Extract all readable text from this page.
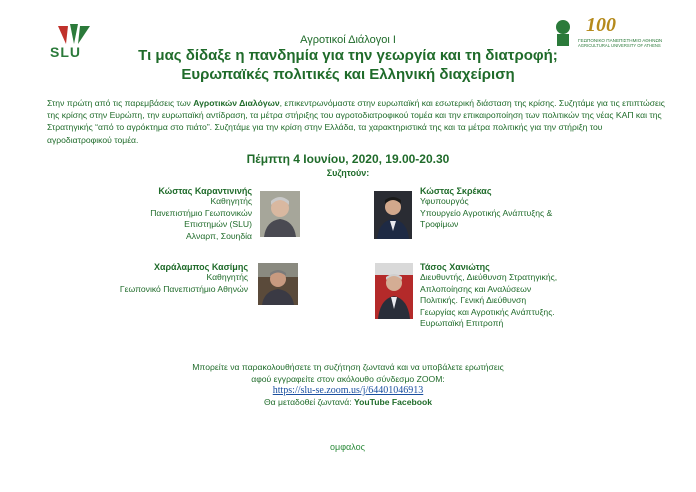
SLU
100
ΓΕΩΠΟΝΙΚΟ ΠΑΝΕΠΙΣΤΗΜΙΟ ΑΘΗΝΩΝ
AGRICULTURAL UNIVERSITY OF ATHENS
Αγροτικοί Διάλογοι I
Τι μας δίδαξε η πανδημία για την γεωργία και τη διατροφή;
Ευρωπαϊκές πολιτικές και Ελληνική διαχείριση
Στην πρώτη από τις παρεμβάσεις των Αγροτικών Διαλόγων, επικεντρωνόμαστε στην ευρωπαϊκή και εσωτερική διάσταση της κρίσης. Συζητάμε για τις επιπτώσεις της κρίσης στην Ευρώπη, την ευρωπαϊκή αντίδραση, τα μέτρα στήριξης του αγροτοδιατροφικού τομέα και την επικαιροποίηση των πολιτικών της νέας ΚΑΠ και της Στρατηγικής “από το αγρόκτημα στο πιάτο”. Συζητάμε για την κρίση στην Ελλάδα, τα χαρακτηριστικά της και τα μέτρα πολιτικής για την στήριξη του αγροδιατροφικού τομέα.
Πέμπτη 4 Ιουνίου, 2020, 19.00-20.30
Συζητούν:
Κώστας Καραντινινής
Καθηγητής
Πανεπιστήμιο Γεωπονικών
Επιστημών (SLU)
Αλναρπ, Σουηδία
Κώστας Σκρέκας
Υφυπουργός
Υπουργείο Αγροτικής Ανάπτυξης &
Τροφίμων
Χαράλαμπος Κασίμης
Καθηγητής
Γεωπονικό Πανεπιστήμιο Αθηνών
Τάσος Χανιώτης
Διευθυντής, Διεύθυνση Στρατηγικής,
Απλοποίησης και Αναλύσεων
Πολιτικής. Γενική Διεύθυνση
Γεωργίας και Αγροτικής Ανάπτυξης.
Ευρωπαϊκή Επιτροπή
Μπορείτε να παρακολουθήσετε τη συζήτηση ζωντανά και να υποβάλετε ερωτήσεις
αφού εγγραφείτε στον ακόλουθο σύνδεσμο ZOOM:
https://slu-se.zoom.us/j/64401046913
Θα μεταδοθεί ζωντανά: YouTube Facebook
ομφαλος
